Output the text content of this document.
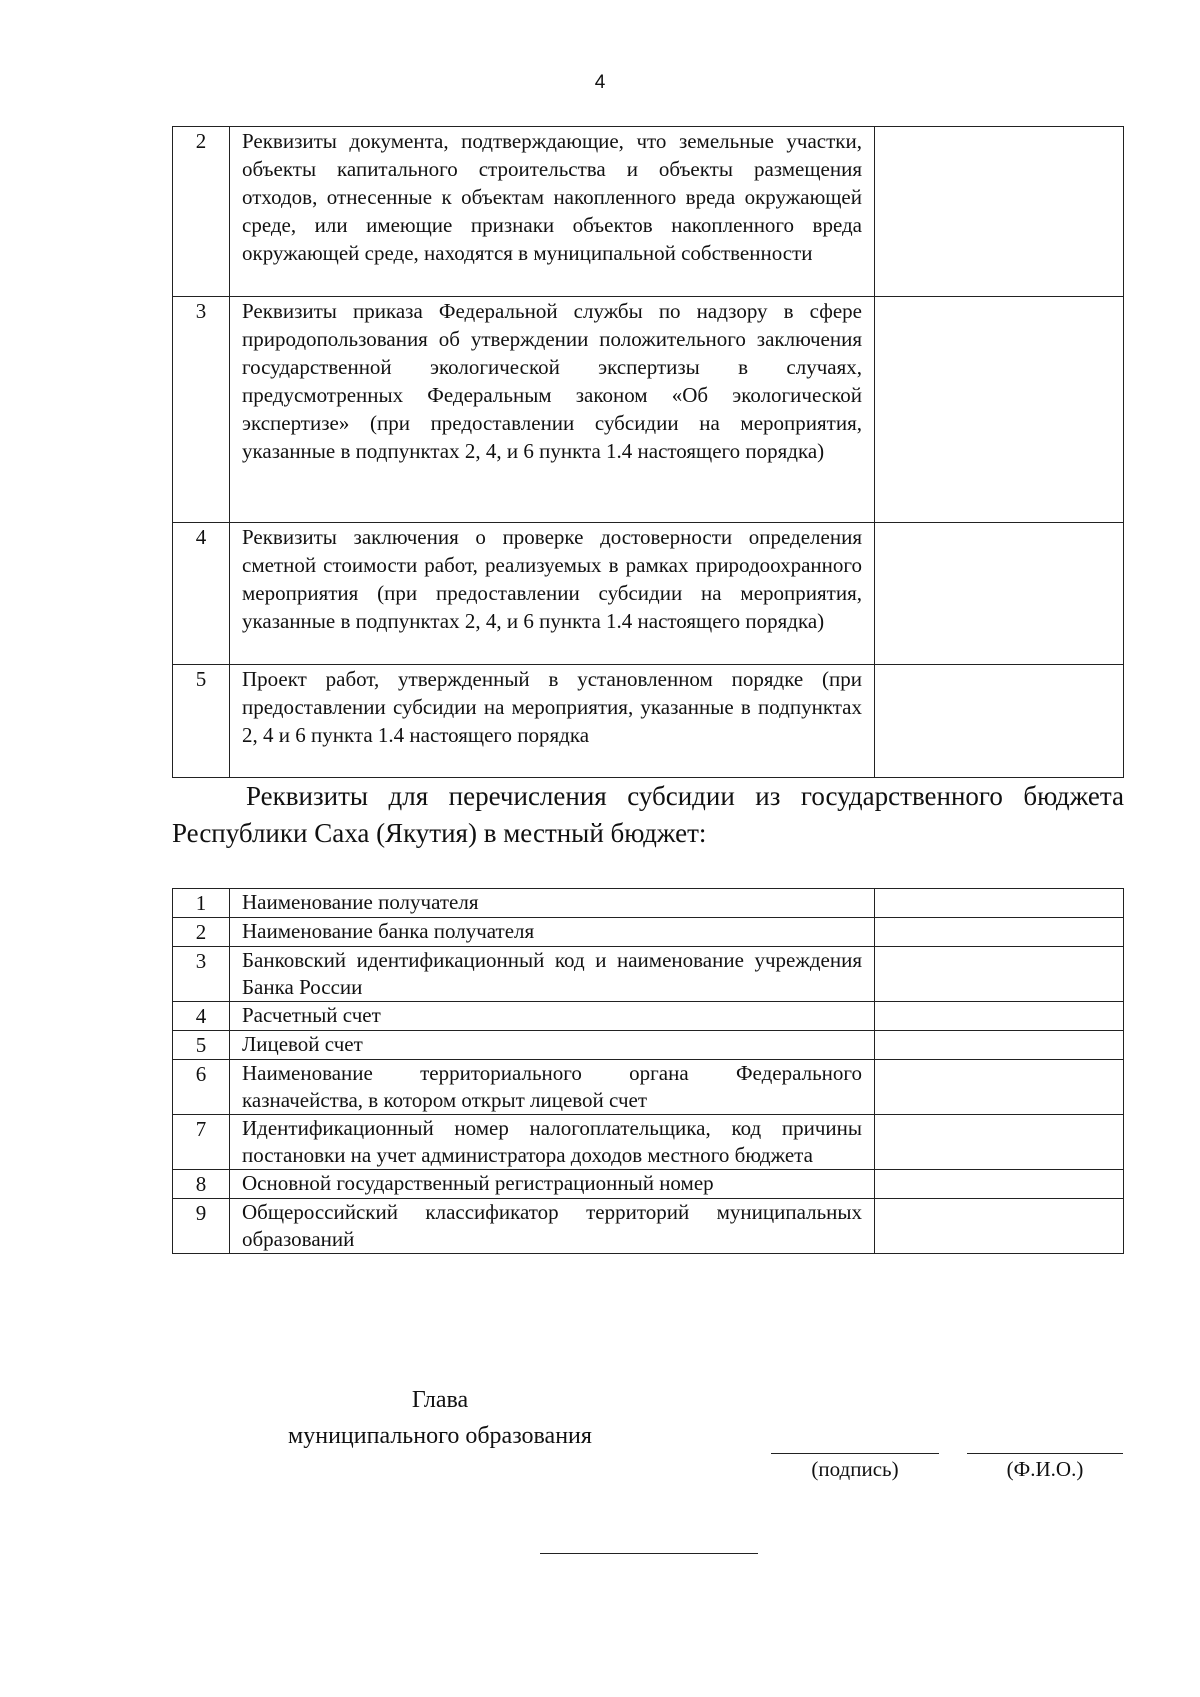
4
2	Реквизиты документа, подтверждающие, что земельные участки, объекты капитального строительства и объекты размещения отходов, отнесенные к объектам накопленного вреда окружающей среде, или имеющие признаки объектов накопленного вреда окружающей среде, находятся в муниципальной собственности	
3	Реквизиты приказа Федеральной службы по надзору в сфере природопользования об утверждении положительного заключения государственной экологической экспертизы в случаях, предусмотренных Федеральным законом «Об экологической экспертизе» (при предоставлении субсидии на мероприятия, указанные в подпунктах 2, 4, и 6 пункта 1.4 настоящего порядка)	
4	Реквизиты заключения о проверке достоверности определения сметной стоимости работ, реализуемых в рамках природоохранного мероприятия (при предоставлении субсидии на мероприятия, указанные в подпунктах 2, 4, и 6 пункта 1.4 настоящего порядка)	
5	Проект работ, утвержденный в установленном порядке (при предоставлении субсидии на мероприятия, указанные в подпунктах 2, 4 и 6 пункта 1.4 настоящего порядка	

Реквизиты для перечисления субсидии из государственного бюджета Республики Саха (Якутия) в местный бюджет:

1	Наименование получателя	
2	Наименование банка получателя	
3	Банковский идентификационный код и наименование учреждения Банка России	
4	Расчетный счет	
5	Лицевой счет	
6	Наименование территориального органа Федерального казначейства, в котором открыт лицевой счет	
7	Идентификационный номер налогоплательщика, код причины постановки на учет администратора доходов местного бюджета	
8	Основной государственный регистрационный номер	
9	Общероссийский классификатор территорий муниципальных образований	
Глава
муниципального образования
(подпись)	(Ф.И.О.)
